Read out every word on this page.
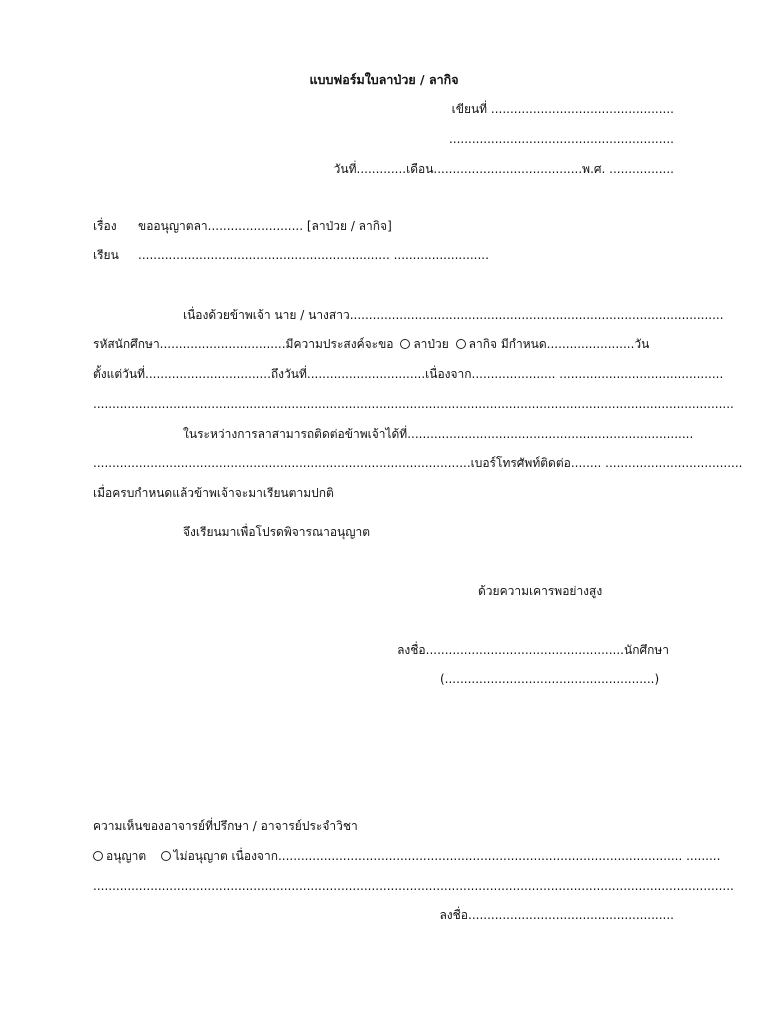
แบบฟอร์มใบลาป่วย / ลากิจ
เขียนที่ ................................................
...........................................................
วันที่.............เดือน.......................................พ.ศ. .................
เรื่อง ขออนุญาตลา......................... [ลาป่วย / ลากิจ]
เรียน .................................................................. .........................
เนื่องด้วยข้าพเจ้า นาย / นางสาว..................................................................................................
รหัสนักศึกษา.................................มีความประสงค์จะขอ ลาป่วย ลากิจ มีกำหนด.......................วัน
ตั้งแต่วันที่.................................ถึงวันที่...............................เนื่องจาก...................... ...........................................
........................................................................................................................................................................
ในระหว่างการลาสามารถติดต่อข้าพเจ้าได้ที่...........................................................................
...................................................................................................เบอร์โทรศัพท์ติดต่อ........ ....................................
เมื่อครบกำหนดแล้วข้าพเจ้าจะมาเรียนตามปกติ
จึงเรียนมาเพื่อโปรดพิจารณาอนุญาต
ด้วยความเคารพอย่างสูง
ลงชื่อ....................................................นักศึกษา
(.......................................................)
ความเห็นของอาจารย์ที่ปรึกษา / อาจารย์ประจำวิชา
อนุญาต ไม่อนุญาต เนื่องจาก.......................................................................................................... .........
........................................................................................................................................................................
ลงชื่อ......................................................
